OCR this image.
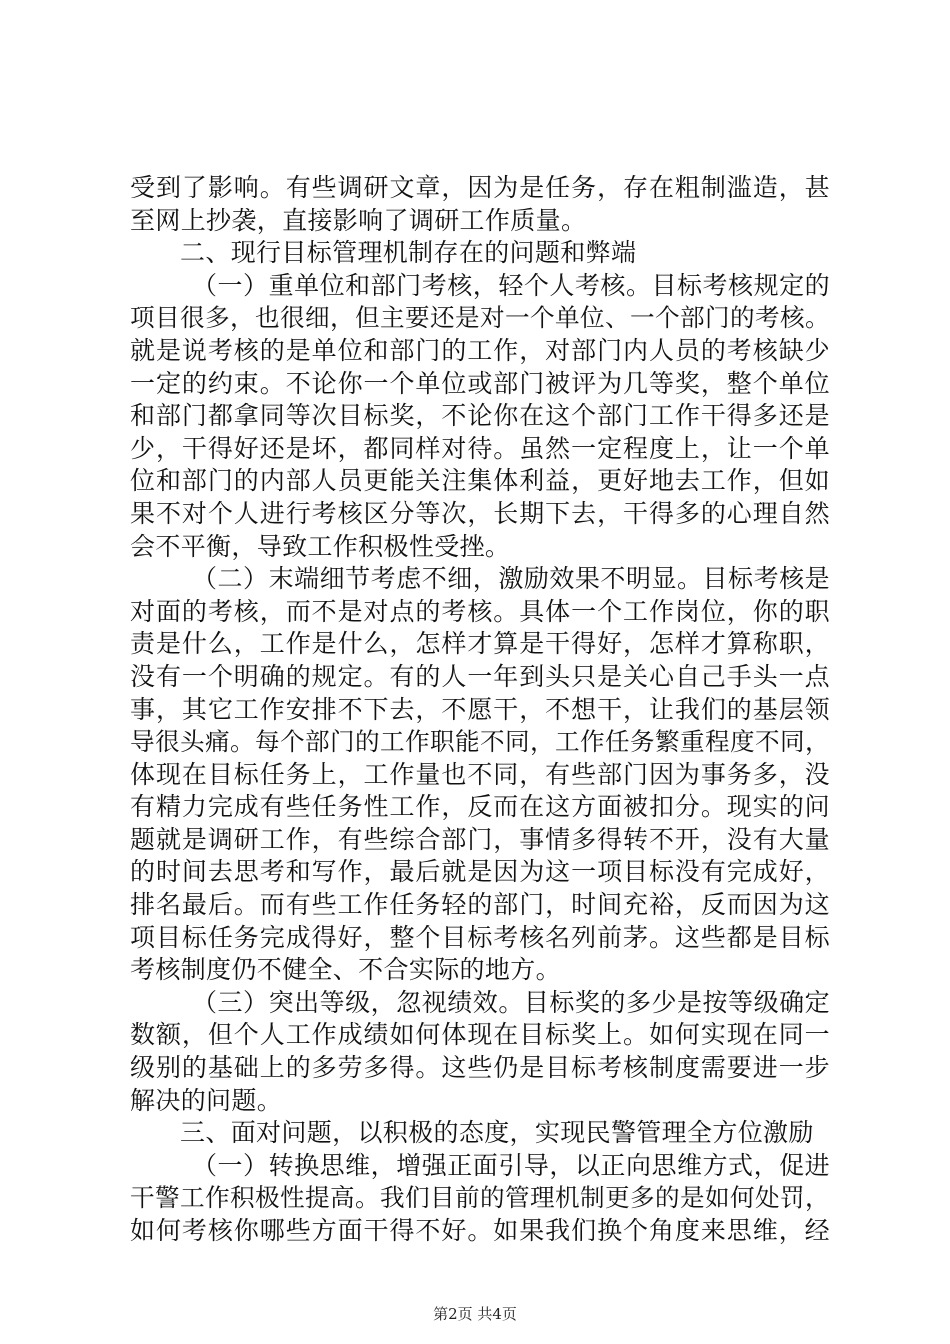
受到了影响。有些调研文章，因为是任务，存在粗制滥造，甚
至网上抄袭，直接影响了调研工作质量。
二、现行目标管理机制存在的问题和弊端
（一）重单位和部门考核，轻个人考核。目标考核规定的
项目很多，也很细，但主要还是对一个单位、一个部门的考核。
就是说考核的是单位和部门的工作，对部门内人员的考核缺少
一定的约束。不论你一个单位或部门被评为几等奖，整个单位
和部门都拿同等次目标奖，不论你在这个部门工作干得多还是
少，干得好还是坏，都同样对待。虽然一定程度上，让一个单
位和部门的内部人员更能关注集体利益，更好地去工作，但如
果不对个人进行考核区分等次，长期下去，干得多的心理自然
会不平衡，导致工作积极性受挫。
（二）末端细节考虑不细，激励效果不明显。目标考核是
对面的考核，而不是对点的考核。具体一个工作岗位，你的职
责是什么，工作是什么，怎样才算是干得好，怎样才算称职，
没有一个明确的规定。有的人一年到头只是关心自己手头一点
事，其它工作安排不下去，不愿干，不想干，让我们的基层领
导很头痛。每个部门的工作职能不同，工作任务繁重程度不同，
体现在目标任务上，工作量也不同，有些部门因为事务多，没
有精力完成有些任务性工作，反而在这方面被扣分。现实的问
题就是调研工作，有些综合部门，事情多得转不开，没有大量
的时间去思考和写作，最后就是因为这一项目标没有完成好，
排名最后。而有些工作任务轻的部门，时间充裕，反而因为这
项目标任务完成得好，整个目标考核名列前茅。这些都是目标
考核制度仍不健全、不合实际的地方。
（三）突出等级，忽视绩效。目标奖的多少是按等级确定
数额，但个人工作成绩如何体现在目标奖上。如何实现在同一
级别的基础上的多劳多得。这些仍是目标考核制度需要进一步
解决的问题。
三、面对问题，以积极的态度，实现民警管理全方位激励
（一）转换思维，增强正面引导，以正向思维方式，促进
干警工作积极性提高。我们目前的管理机制更多的是如何处罚，
如何考核你哪些方面干得不好。如果我们换个角度来思维，经
第2页 共4页
